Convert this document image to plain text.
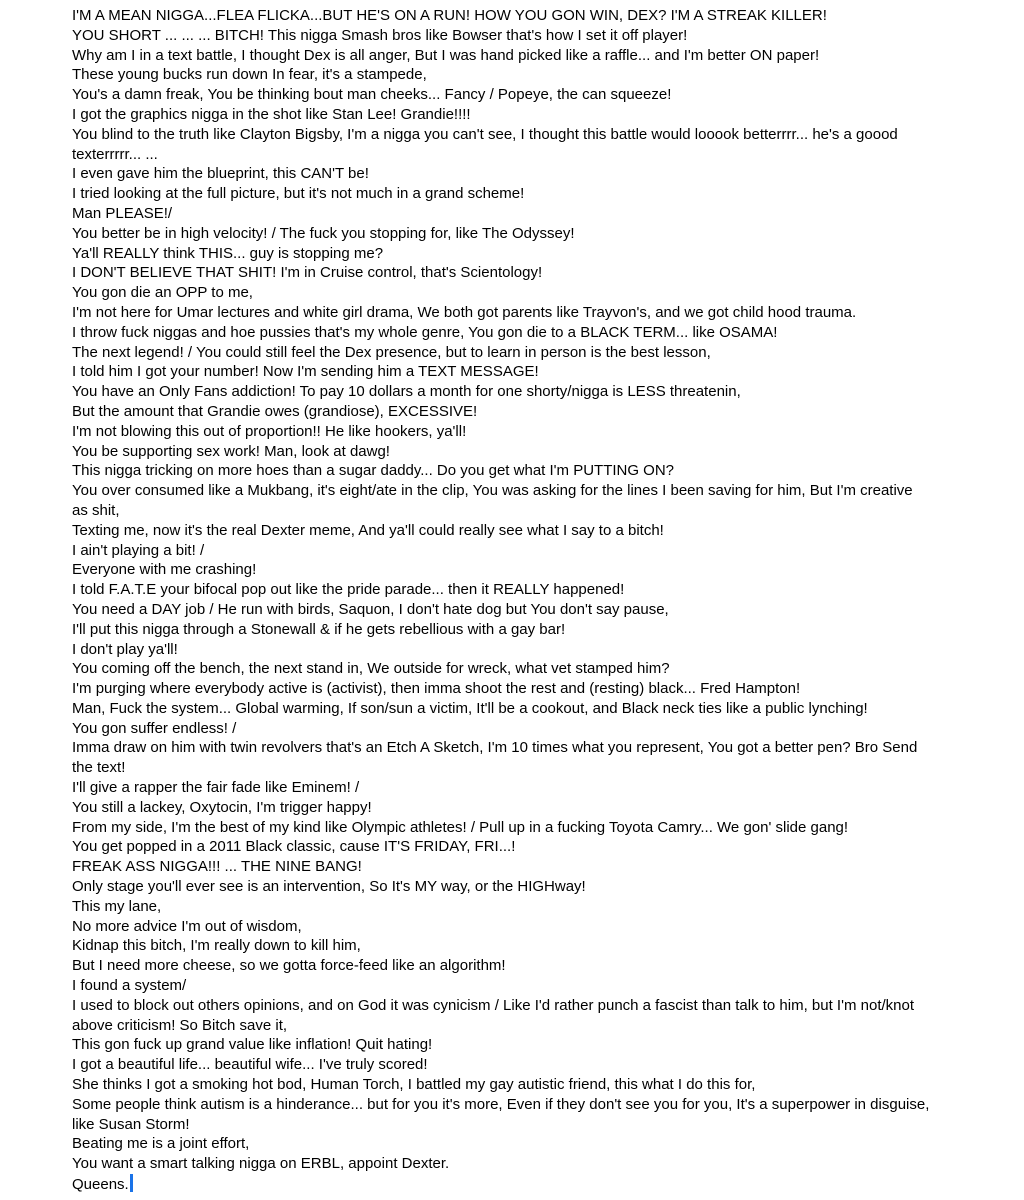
I'M A MEAN NIGGA...FLEA FLICKA...BUT HE'S ON A RUN! HOW YOU GON WIN, DEX? I'M A STREAK KILLER!
YOU SHORT ... ... ... BITCH! This nigga Smash bros like Bowser that's how I set it off player!
Why am I in a text battle, I thought Dex is all anger, But I was hand picked like a raffle... and I'm better ON paper!
These young bucks run down In fear, it's a stampede,
You's a damn freak, You be thinking bout man cheeks... Fancy / Popeye, the can squeeze!
I got the graphics nigga in the shot like Stan Lee! Grandie!!!!
You blind to the truth like Clayton Bigsby, I'm a nigga you can't see, I thought this battle would looook betterrrr... he's a goood texterrrrr... ...
I even gave him the blueprint, this CAN'T be!
I tried looking at the full picture, but it's not much in a grand scheme!
Man PLEASE!/
You better be in high velocity! / The fuck you stopping for, like The Odyssey!
Ya'll REALLY think THIS... guy is stopping me?
I DON'T BELIEVE THAT SHIT! I'm in Cruise control, that's Scientology!
You gon die an OPP to me,
I'm not here for Umar lectures and white girl drama, We both got parents like Trayvon's, and we got child hood trauma.
I throw fuck niggas and hoe pussies that's my whole genre, You gon die to a BLACK TERM... like OSAMA!
The next legend! / You could still feel the Dex presence, but to learn in person is the best lesson,
I told him I got your number! Now I'm sending him a TEXT MESSAGE!
You have an Only Fans addiction! To pay 10 dollars a month for one shorty/nigga is LESS threatenin,
But the amount that Grandie owes (grandiose), EXCESSIVE!
I'm not blowing this out of proportion!! He like hookers, ya'll!
You be supporting sex work! Man, look at dawg!
This nigga tricking on more hoes than a sugar daddy... Do you get what I'm PUTTING ON?
You over consumed like a Mukbang, it's eight/ate in the clip, You was asking for the lines I been saving for him, But I'm creative as shit,
Texting me, now it's the real Dexter meme, And ya'll could really see what I say to a bitch!
I ain't playing a bit! /
Everyone with me crashing!
I told F.A.T.E your bifocal pop out like the pride parade... then it REALLY happened!
You need a DAY job / He run with birds, Saquon, I don't hate dog but You don't say pause,
I'll put this nigga through a Stonewall & if he gets rebellious with a gay bar!
I don't play ya'll!
You coming off the bench, the next stand in, We outside for wreck, what vet stamped him?
I'm purging where everybody active is (activist), then imma shoot the rest and (resting) black... Fred Hampton!
Man, Fuck the system... Global warming, If son/sun a victim, It'll be a cookout, and Black neck ties like a public lynching!
You gon suffer endless! /
Imma draw on him with twin revolvers that's an Etch A Sketch, I'm 10 times what you represent, You got a better pen? Bro Send the text!
I'll give a rapper the fair fade like Eminem! /
You still a lackey, Oxytocin, I'm trigger happy!
From my side, I'm the best of my kind like Olympic athletes! / Pull up in a fucking Toyota Camry... We gon' slide gang!
You get popped in a 2011 Black classic, cause IT'S FRIDAY, FRI...!
FREAK ASS NIGGA!!! ... THE NINE BANG!
Only stage you'll ever see is an intervention, So It's MY way, or the HIGHway!
This my lane,
No more advice I'm out of wisdom,
Kidnap this bitch, I'm really down to kill him,
But I need more cheese, so we gotta force-feed like an algorithm!
I found a system/
I used to block out others opinions, and on God it was cynicism / Like I'd rather punch a fascist than talk to him, but I'm not/knot above criticism! So Bitch save it,
This gon fuck up grand value like inflation! Quit hating!
I got a beautiful life... beautiful wife... I've truly scored!
She thinks I got a smoking hot bod, Human Torch, I battled my gay autistic friend, this what I do this for,
Some people think autism is a hinderance... but for you it's more, Even if they don't see you for you, It's a superpower in disguise, like Susan Storm!
Beating me is a joint effort,
You want a smart talking nigga on ERBL, appoint Dexter.
Queens.
